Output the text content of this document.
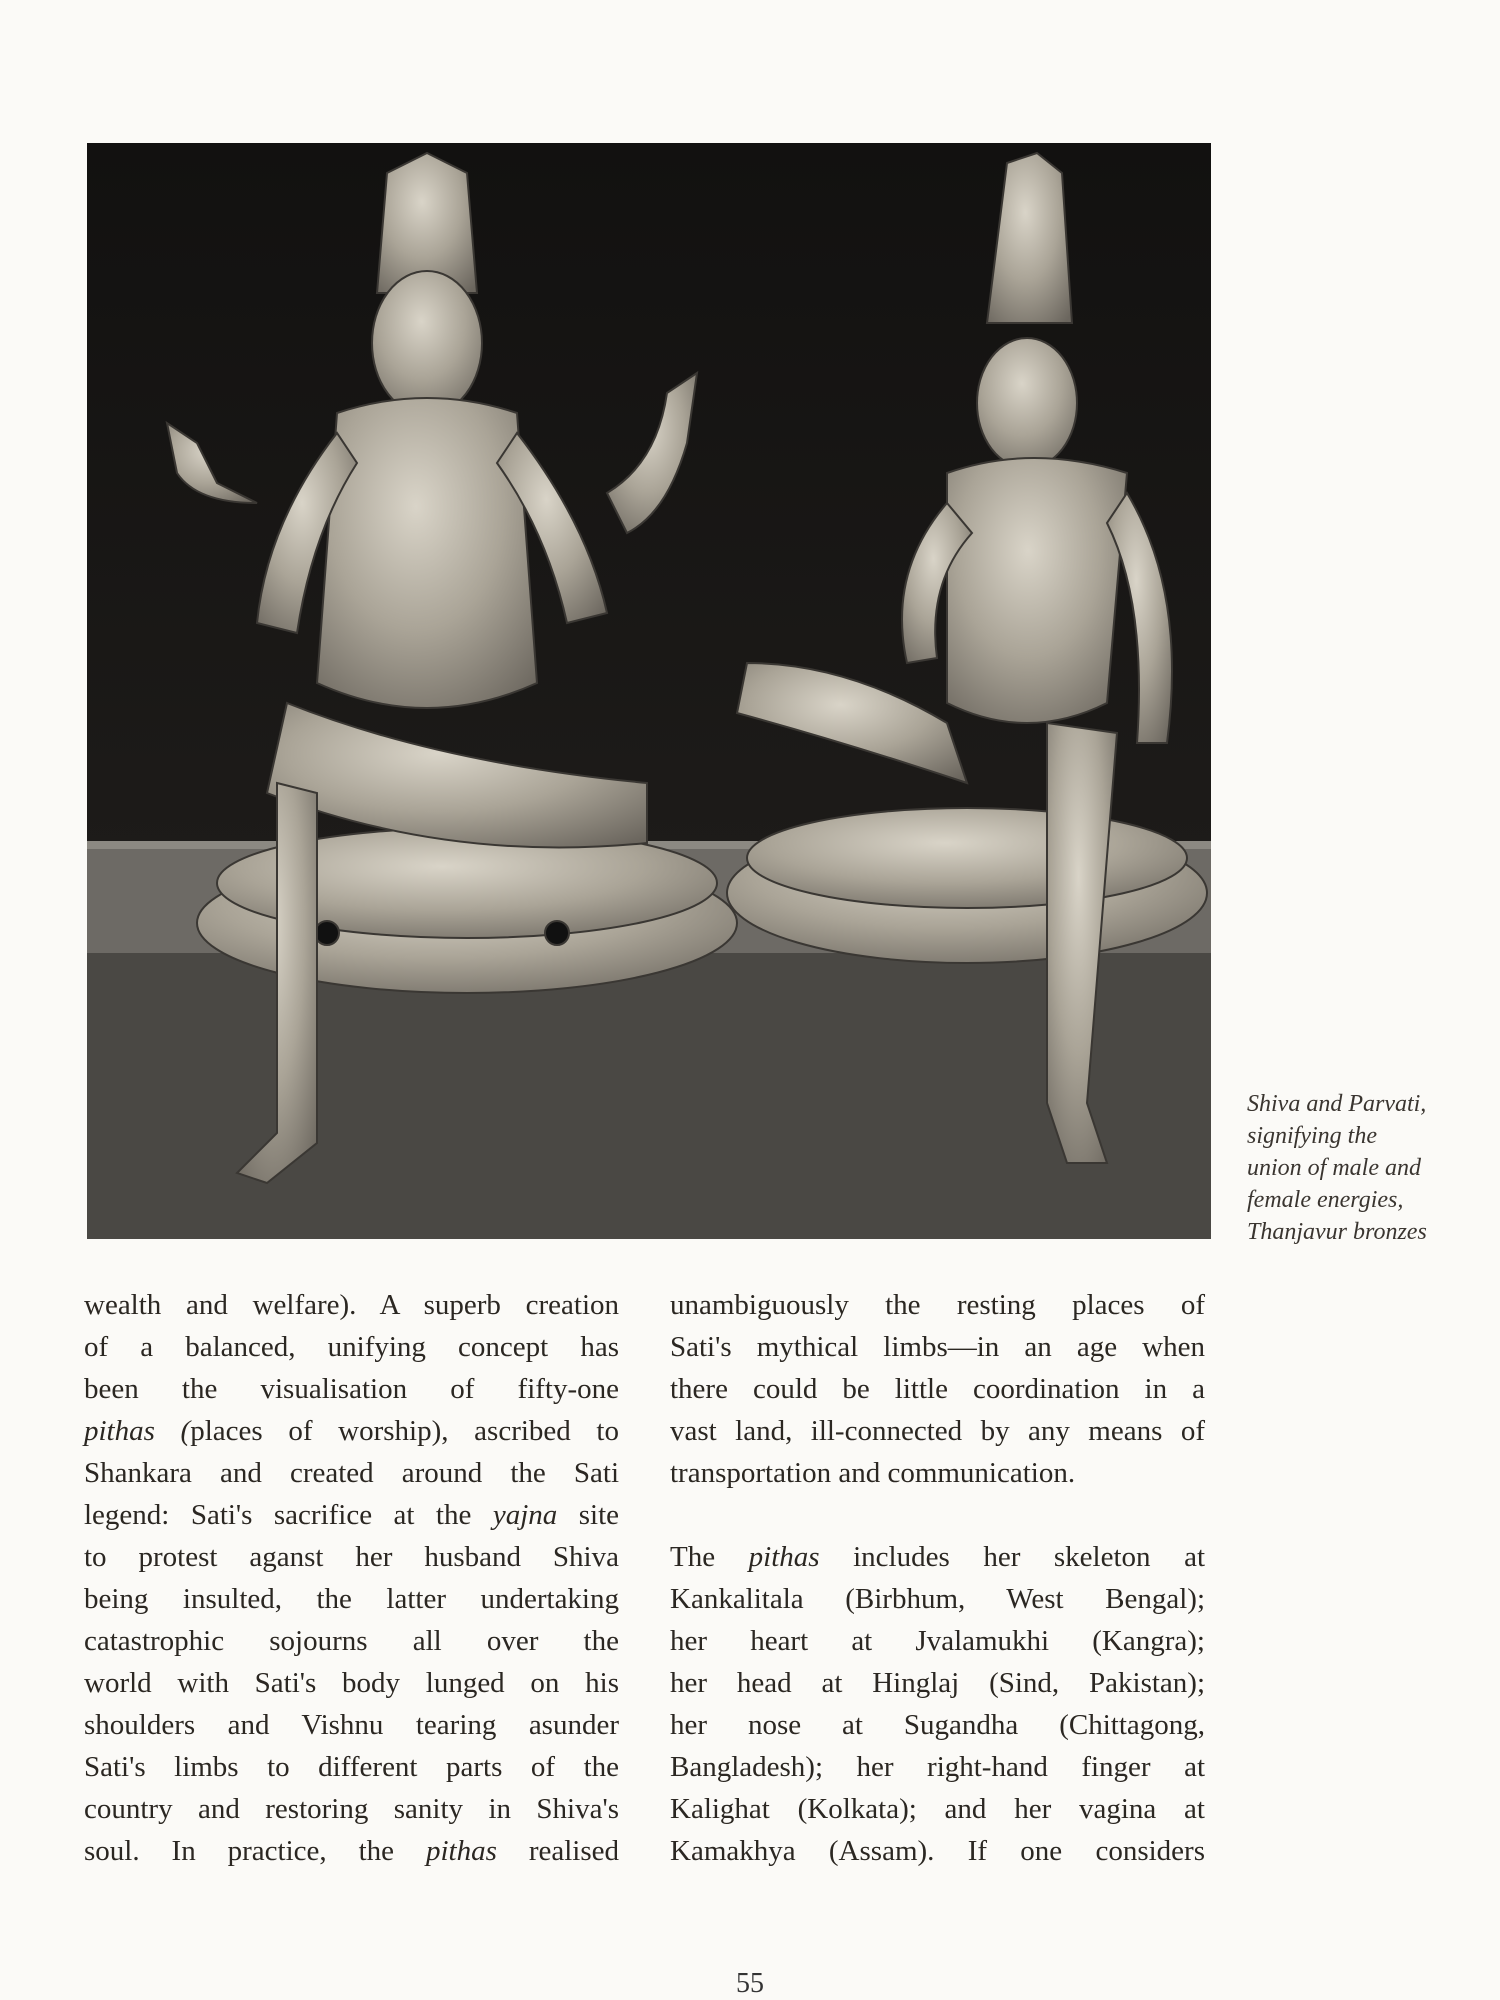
Shiva and Parvati,
signifying the
union of male and
female energies,
Thanjavur bronzes
wealth and welfare). A superb creation
of a balanced, unifying concept has
been the visualisation of fifty-one
pithas (places of worship), ascribed to
Shankara and created around the Sati
legend: Sati's sacrifice at the yajna site
to protest aganst her husband Shiva
being insulted, the latter undertaking
catastrophic sojourns all over the
world with Sati's body lunged on his
shoulders and Vishnu tearing asunder
Sati's limbs to different parts of the
country and restoring sanity in Shiva's
soul. In practice, the pithas realised
unambiguously the resting places of
Sati's mythical limbs—in an age when
there could be little coordination in a
vast land, ill-connected by any means of
transportation and communication.
The pithas includes her skeleton at
Kankalitala (Birbhum, West Bengal);
her heart at Jvalamukhi (Kangra);
her head at Hinglaj (Sind, Pakistan);
her nose at Sugandha (Chittagong,
Bangladesh); her right-hand finger at
Kalighat (Kolkata); and her vagina at
Kamakhya (Assam). If one considers
55
